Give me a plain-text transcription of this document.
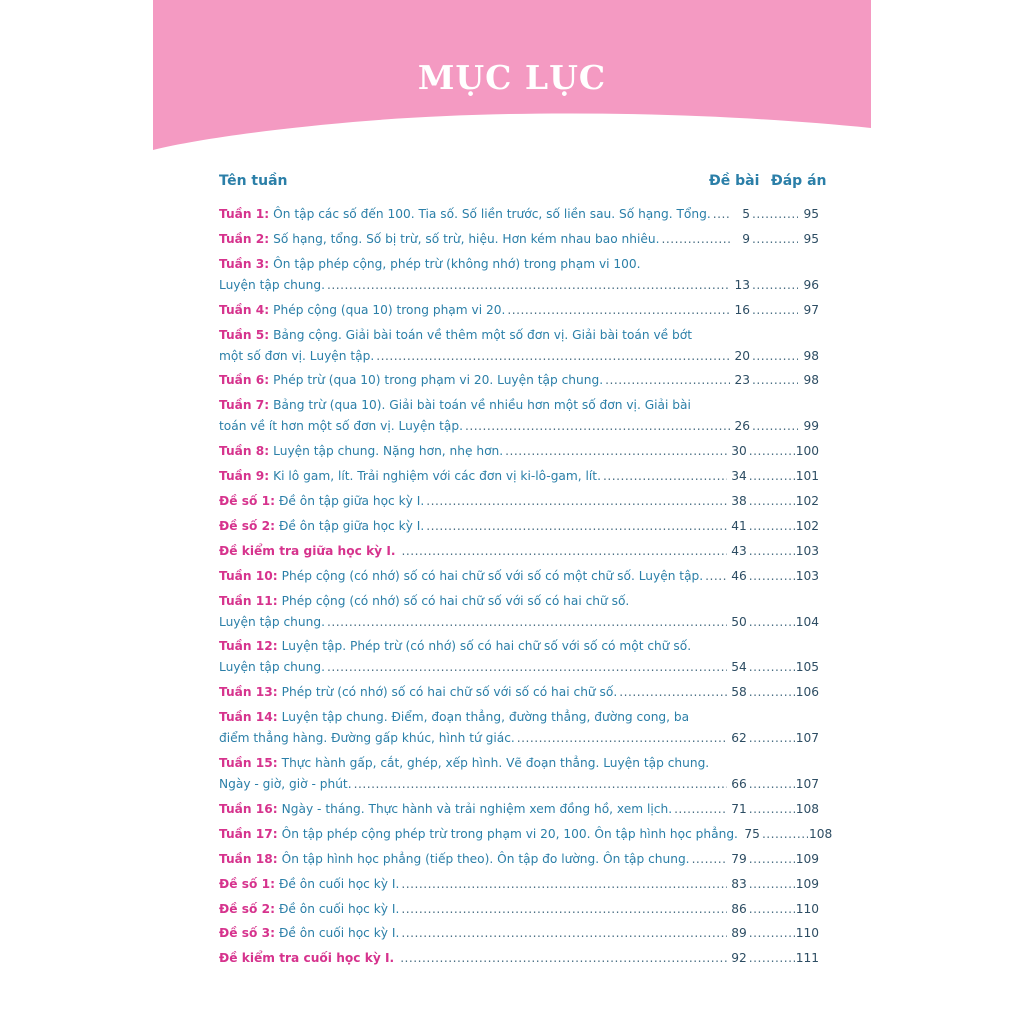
MỤC LỤC
Tên tuần	Đề bài Đáp án
Tuần 1: Ôn tập các số đến 100. Tia số. Số liền trước, số liền sau. Số hạng. Tổng. .....	5 .....	95
Tuần 2: Số hạng, tổng. Số bị trừ, số trừ, hiệu. Hơn kém nhau bao nhiêu. .....	9 .....	95
Tuần 3: Ôn tập phép cộng, phép trừ (không nhớ) trong phạm vi 100.
Luyện tập chung. .....	13 .....	96
Tuần 4: Phép cộng (qua 10) trong phạm vi 20. .....	16 .....	97
Tuần 5: Bảng cộng. Giải bài toán về thêm một số đơn vị. Giải bài toán về bớt
một số đơn vị. Luyện tập. .....	20 .....	98
Tuần 6: Phép trừ (qua 10) trong phạm vi 20. Luyện tập chung. .....	23 .....	98
Tuần 7: Bảng trừ (qua 10). Giải bài toán về nhiều hơn một số đơn vị. Giải bài
toán về ít hơn một số đơn vị. Luyện tập. .....	26 .....	99
Tuần 8: Luyện tập chung. Nặng hơn, nhẹ hơn. .....	30 .....	100
Tuần 9: Ki lô gam, lít. Trải nghiệm với các đơn vị ki-lô-gam, lít. .....	34 .....	101
Đề số 1: Đề ôn tập giữa học kỳ I. .....	38 .....	102
Đề số 2: Đề ôn tập giữa học kỳ I. .....	41 .....	102
Đề kiểm tra giữa học kỳ I. .....	43 .....	103
Tuần 10: Phép cộng (có nhớ) số có hai chữ số với số có một chữ số. Luyện tập. ..... 46 .....	103
Tuần 11: Phép cộng (có nhớ) số có hai chữ số với số có hai chữ số.
Luyện tập chung. .....	50 .....	104
Tuần 12: Luyện tập. Phép trừ (có nhớ) số có hai chữ số với số có một chữ số.
Luyện tập chung. .....	54 .....	105
Tuần 13: Phép trừ (có nhớ) số có hai chữ số với số có hai chữ số. .....	58 .....	106
Tuần 14: Luyện tập chung. Điểm, đoạn thẳng, đường thẳng, đường cong, ba
điểm thẳng hàng. Đường gấp khúc, hình tứ giác. .....	62 .....	107
Tuần 15: Thực hành gấp, cắt, ghép, xếp hình. Vẽ đoạn thẳng. Luyện tập chung.
Ngày - giờ, giờ - phút. .....	66 .....	107
Tuần 16: Ngày - tháng. Thực hành và trải nghiệm xem đồng hồ, xem lịch. .....	71 .....	108
Tuần 17: Ôn tập phép cộng phép trừ trong phạm vi 20, 100. Ôn tập hình học phẳng. 75 .....	108
Tuần 18: Ôn tập hình học phẳng (tiếp theo). Ôn tập đo lường. Ôn tập chung. .....	79 .....	109
Đề số 1: Đề ôn cuối học kỳ I. .....	83 .....	109
Đề số 2: Đề ôn cuối học kỳ I. .....	86 .....	110
Đề số 3: Đề ôn cuối học kỳ I. .....	89 .....	110
Đề kiểm tra cuối học kỳ I. .....	92 .....	111
